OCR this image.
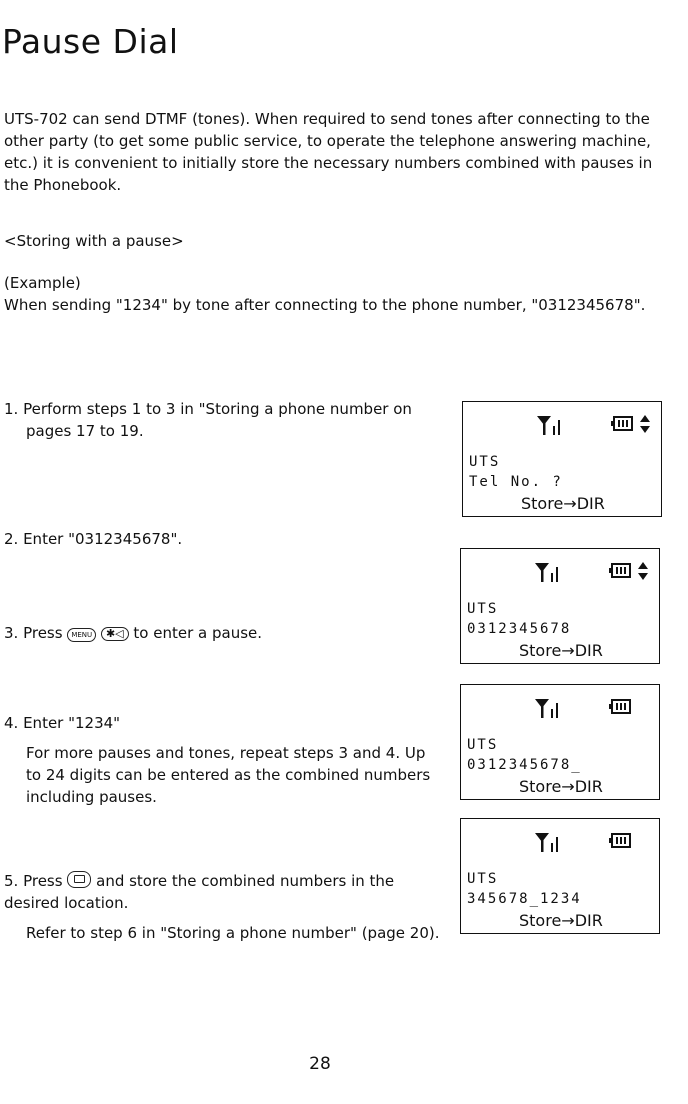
Pause Dial

UTS-702 can send DTMF (tones). When required to send tones after connecting to the other party (to get some public service, to operate the telephone answering machine, etc.) it is convenient to initially store the necessary numbers combined with pauses in the Phonebook.

<Storing with a pause>

(Example)

When sending "1234" by tone after connecting to the phone number, "0312345678".

1. Perform steps 1 to 3 in "Storing a phone number on
pages 17 to 19.
2. Enter "0312345678".
3. Press MENU ✱◁ to enter a pause.
4. Enter "1234"
For more pauses and tones, repeat steps 3 and 4. Up to 24 digits can be entered as the combined numbers including pauses.
5. Press and store the combined numbers in the desired location.
Refer to step 6 in "Storing a phone number" (page 20).
UTS
Tel No. ?
Store→DIR
UTS
0312345678
Store→DIR
UTS
0312345678_
Store→DIR
UTS
345678_1234
Store→DIR
28
